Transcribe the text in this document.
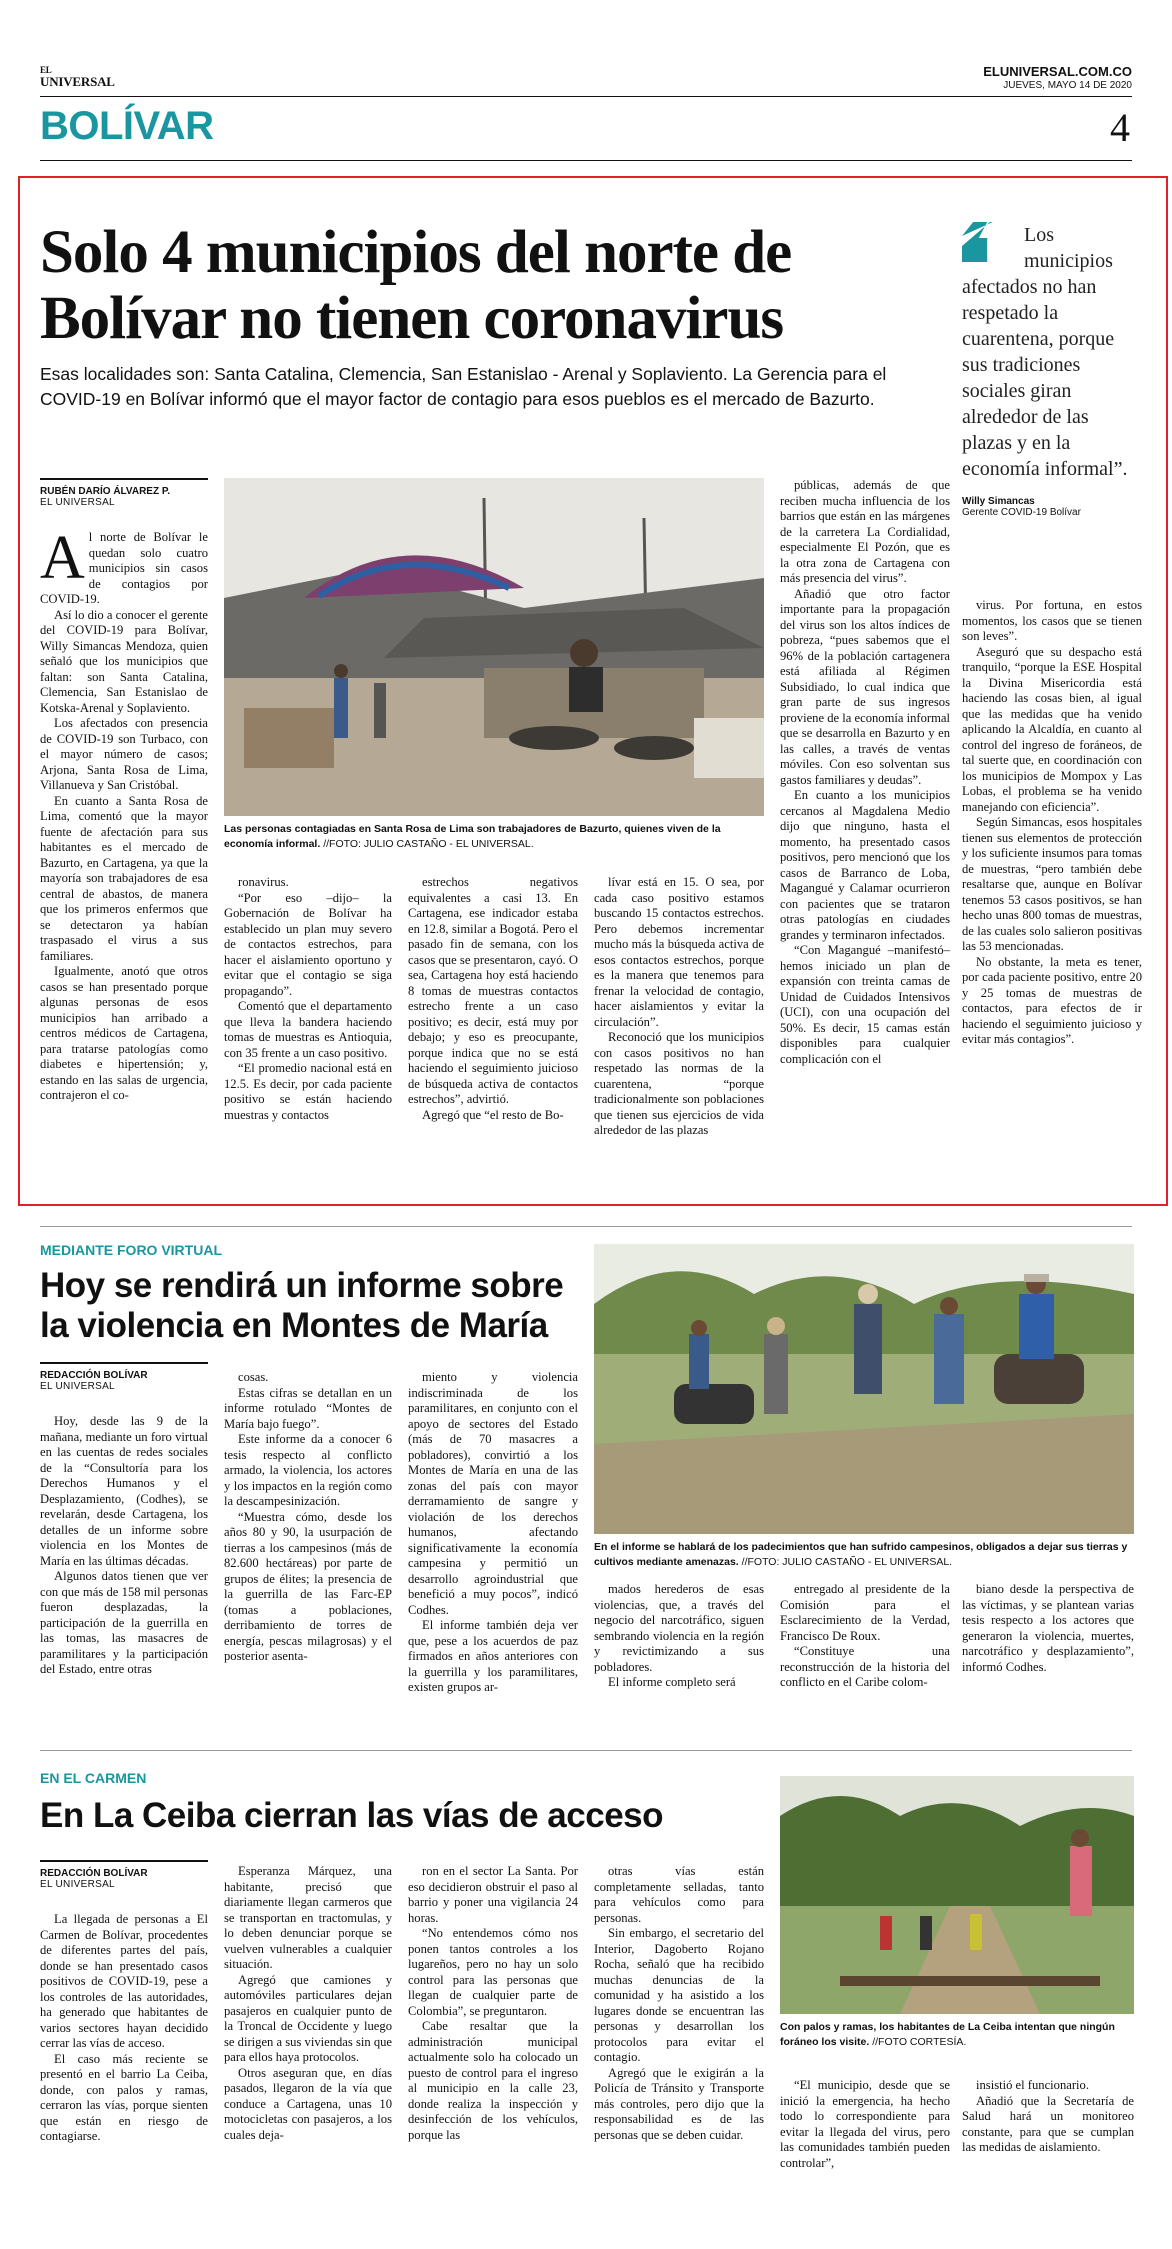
EL
UNIVERSAL
ELUNIVERSAL.COM.CO
JUEVES, MAYO 14 DE 2020
BOLÍVAR	4
Solo 4 municipios del norte de
Bolívar no tienen coronavirus
Esas localidades son: Santa Catalina, Clemencia, San Estanislao - Arenal y Soplaviento. La Gerencia para el COVID-19 en Bolívar informó que el mayor factor de contagio para esos pueblos es el mercado de Bazurto.
Los municipios afectados no han respetado la cuarentena, porque sus tradiciones sociales giran alrededor de las plazas y en la economía informal”.
Willy Simancas
Gerente COVID-19 Bolívar
RUBÉN DARÍO ÁLVAREZ P.
EL UNIVERSAL
A l norte de Bolívar le quedan solo cuatro municipios sin casos de contagios por COVID-19.

Así lo dio a conocer el gerente del COVID-19 para Bolívar, Willy Simancas Mendoza, quien señaló que los municipios que faltan: son Santa Catalina, Clemencia, San Estanislao de Kotska-Arenal y Soplaviento.

Los afectados con presencia de COVID-19 son Turbaco, con el mayor número de casos; Arjona, Santa Rosa de Lima, Villanueva y San Cristóbal.

En cuanto a Santa Rosa de Lima, comentó que la mayor fuente de afectación para sus habitantes es el mercado de Bazurto, en Cartagena, ya que la mayoría son trabajadores de esa central de abastos, de manera que los primeros enfermos que se detectaron ya habían traspasado el virus a sus familiares.

Igualmente, anotó que otros casos se han presentado porque algunas personas de esos municipios han arribado a centros médicos de Cartagena, para tratarse patologías como diabetes e hipertensión; y, estando en las salas de urgencia, contrajeron el co-

Las personas contagiadas en Santa Rosa de Lima son trabajadores de Bazurto, quienes viven de la economía informal. //FOTO: JULIO CASTAÑO - EL UNIVERSAL.

ronavirus.

“Por eso –dijo– la Gobernación de Bolívar ha establecido un plan muy severo de contactos estrechos, para hacer el aislamiento oportuno y evitar que el contagio se siga propagando”.

Comentó que el departamento que lleva la bandera haciendo tomas de muestras es Antioquia, con 35 frente a un caso positivo.

“El promedio nacional está en 12.5. Es decir, por cada paciente positivo se están haciendo muestras y contactos

estrechos negativos equivalentes a casi 13. En Cartagena, ese indicador estaba en 12.8, similar a Bogotá. Pero el pasado fin de semana, con los casos que se presentaron, cayó. O sea, Cartagena hoy está haciendo 8 tomas de muestras contactos estrecho frente a un caso positivo; es decir, está muy por debajo; y eso es preocupante, porque indica que no se está haciendo el seguimiento juicioso de búsqueda activa de contactos estrechos”, advirtió.

Agregó que “el resto de Bo-

lívar está en 15. O sea, por cada caso positivo estamos buscando 15 contactos estrechos. Pero debemos incrementar mucho más la búsqueda activa de esos contactos estrechos, porque es la manera que tenemos para frenar la velocidad de contagio, hacer aislamientos y evitar la circulación”.

Reconoció que los municipios con casos positivos no han respetado las normas de la cuarentena, “porque tradicionalmente son poblaciones que tienen sus ejercicios de vida alrededor de las plazas

públicas, además de que reciben mucha influencia de los barrios que están en las márgenes de la carretera La Cordialidad, especialmente El Pozón, que es la otra zona de Cartagena con más presencia del virus”.

Añadió que otro factor importante para la propagación del virus son los altos índices de pobreza, “pues sabemos que el 96% de la población cartagenera está afiliada al Régimen Subsidiado, lo cual indica que gran parte de sus ingresos proviene de la economía informal que se desarrolla en Bazurto y en las calles, a través de ventas móviles. Con eso solventan sus gastos familiares y deudas”.

En cuanto a los municipios cercanos al Magdalena Medio dijo que ninguno, hasta el momento, ha presentado casos positivos, pero mencionó que los casos de Barranco de Loba, Magangué y Calamar ocurrieron con pacientes que se trataron otras patologías en ciudades grandes y terminaron infectados.

“Con Magangué –manifestó– hemos iniciado un plan de expansión con treinta camas de Unidad de Cuidados Intensivos (UCI), con una ocupación del 50%. Es decir, 15 camas están disponibles para cualquier complicación con el

virus. Por fortuna, en estos momentos, los casos que se tienen son leves”.

Aseguró que su despacho está tranquilo, “porque la ESE Hospital la Divina Misericordia está haciendo las cosas bien, al igual que las medidas que ha venido aplicando la Alcaldía, en cuanto al control del ingreso de foráneos, de tal suerte que, en coordinación con los municipios de Mompox y Las Lobas, el problema se ha venido manejando con eficiencia”.

Según Simancas, esos hospitales tienen sus elementos de protección y los suficiente insumos para tomas de muestras, “pero también debe resaltarse que, aunque en Bolívar tenemos 53 casos positivos, se han hecho unas 800 tomas de muestras, de las cuales solo salieron positivas las 53 mencionadas.

No obstante, la meta es tener, por cada paciente positivo, entre 20 y 25 tomas de muestras de contactos, para efectos de ir haciendo el seguimiento juicioso y evitar más contagios”.

MEDIANTE FORO VIRTUAL
Hoy se rendirá un informe sobre
la violencia en Montes de María
REDACCIÓN BOLÍVAR
EL UNIVERSAL

Hoy, desde las 9 de la mañana, mediante un foro virtual en las cuentas de redes sociales de la “Consultoría para los Derechos Humanos y el Desplazamiento, (Codhes), se revelarán, desde Cartagena, los detalles de un informe sobre violencia en los Montes de María en las últimas décadas.

Algunos datos tienen que ver con que más de 158 mil personas fueron desplazadas, la participación de la guerrilla en las tomas, las masacres de paramilitares y la participación del Estado, entre otras

cosas.

Estas cifras se detallan en un informe rotulado “Montes de María bajo fuego”.

Este informe da a conocer 6 tesis respecto al conflicto armado, la violencia, los actores y los impactos en la región como la descampesinización.

“Muestra cómo, desde los años 80 y 90, la usurpación de tierras a los campesinos (más de 82.600 hectáreas) por parte de grupos de élites; la presencia de la guerrilla de las Farc-EP (tomas a poblaciones, derribamiento de torres de energía, pescas milagrosas) y el posterior asenta-

miento y violencia indiscriminada de los paramilitares, en conjunto con el apoyo de sectores del Estado (más de 70 masacres a pobladores), convirtió a los Montes de María en una de las zonas del país con mayor derramamiento de sangre y violación de los derechos humanos, afectando significativamente la economía campesina y permitió un desarrollo agroindustrial que benefició a muy pocos”, indicó Codhes.

El informe también deja ver que, pese a los acuerdos de paz firmados en años anteriores con la guerrilla y los paramilitares, existen grupos ar-

En el informe se hablará de los padecimientos que han sufrido campesinos, obligados a dejar sus tierras y cultivos mediante amenazas. //FOTO: JULIO CASTAÑO - EL UNIVERSAL.

mados herederos de esas violencias, que, a través del negocio del narcotráfico, siguen sembrando violencia en la región y revictimizando a sus pobladores.

El informe completo será

entregado al presidente de la Comisión para el Esclarecimiento de la Verdad, Francisco De Roux.

“Constituye una reconstrucción de la historia del conflicto en el Caribe colom-

biano desde la perspectiva de las víctimas, y se plantean varias tesis respecto a los actores que generaron la violencia, muertes, narcotráfico y desplazamiento”, informó Codhes.

EN EL CARMEN
En La Ceiba cierran las vías de acceso
REDACCIÓN BOLÍVAR
EL UNIVERSAL

La llegada de personas a El Carmen de Bolívar, procedentes de diferentes partes del país, donde se han presentado casos positivos de COVID-19, pese a los controles de las autoridades, ha generado que habitantes de varios sectores hayan decidido cerrar las vías de acceso.

El caso más reciente se presentó en el barrio La Ceiba, donde, con palos y ramas, cerraron las vías, porque sienten que están en riesgo de contagiarse.

Esperanza Márquez, una habitante, precisó que diariamente llegan carmeros que se transportan en tractomulas, y lo deben denunciar porque se vuelven vulnerables a cualquier situación.

Agregó que camiones y automóviles particulares dejan pasajeros en cualquier punto de la Troncal de Occidente y luego se dirigen a sus viviendas sin que para ellos haya protocolos.

Otros aseguran que, en días pasados, llegaron de la vía que conduce a Cartagena, unas 10 motocicletas con pasajeros, a los cuales deja-

ron en el sector La Santa. Por eso decidieron obstruir el paso al barrio y poner una vigilancia 24 horas.

“No entendemos cómo nos ponen tantos controles a los lugareños, pero no hay un solo control para las personas que llegan de cualquier parte de Colombia”, se preguntaron.

Cabe resaltar que la administración municipal actualmente solo ha colocado un puesto de control para el ingreso al municipio en la calle 23, donde realiza la inspección y desinfección de los vehículos, porque las

otras vías están completamente selladas, tanto para vehículos como para personas.

Sin embargo, el secretario del Interior, Dagoberto Rojano Rocha, señaló que ha recibido muchas denuncias de la comunidad y ha asistido a los lugares donde se encuentran las personas y desarrollan los protocolos para evitar el contagio.

Agregó que le exigirán a la Policía de Tránsito y Transporte más controles, pero dijo que la responsabilidad es de las personas que se deben cuidar.

Con palos y ramas, los habitantes de La Ceiba intentan que ningún foráneo los visite. //FOTO CORTESÍA.

“El municipio, desde que se inició la emergencia, ha hecho todo lo correspondiente para evitar la llegada del virus, pero las comunidades también pueden controlar”,

insistió el funcionario.

Añadió que la Secretaría de Salud hará un monitoreo constante, para que se cumplan las medidas de aislamiento.
